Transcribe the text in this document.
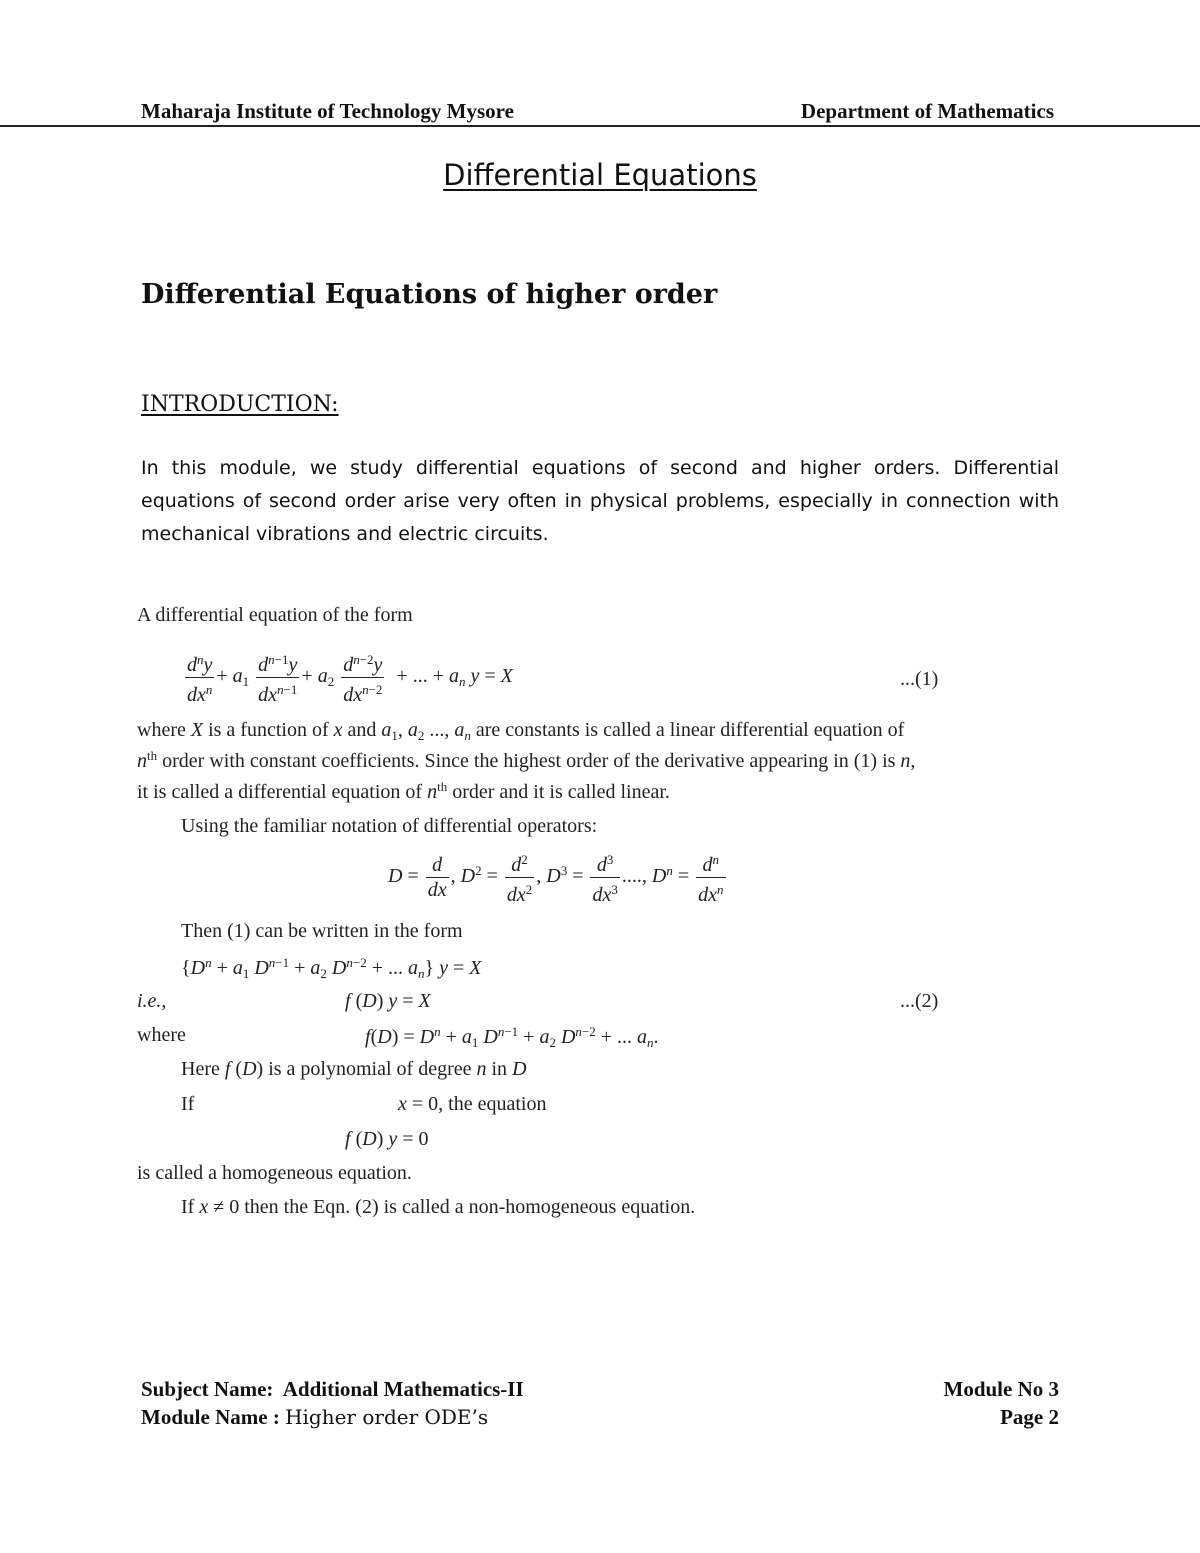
Maharaja Institute of Technology Mysore	Department of Mathematics
Differential Equations
Differential Equations of higher order
INTRODUCTION:
In this module, we study differential equations of second and higher orders. Differential equations of second order arise very often in physical problems, especially in connection with mechanical vibrations and electric circuits.
A differential equation of the form
$\frac{d^ny}{dx^n} + a_1 \frac{d^{n-1}y}{dx^{n-1}} + a_2 \frac{d^{n-2}y}{dx^{n-2}}$ + ... + $a_n$ y = X	...(1)
where X is a function of x and $a_1$, $a_2$ ..., $a_n$ are constants is called a linear differential equation of
$n^{th}$ order with constant coefficients. Since the highest order of the derivative appearing in (1) is n,
it is called a differential equation of $n^{th}$ order and it is called linear.
Using the familiar notation of differential operators:
$D = \frac{d}{dx}$ , $D^2 = \frac{d^2}{dx^2}$ , $D^3 = \frac{d^3}{dx^3}$ ...., $D^n = \frac{d^n}{dx^n}$
Then (1) can be written in the form
{$D^n + a_1$ $D^{n-1} + a_2$ $D^{n-2}$ + ... $a_n$} y = X
i.e.,	f (D) y = X	...(2)
where	$f(D) = D^n + a_1$ $D^{n-1} + a_2$ $D^{n-2}$ + ... $a_n$.
Here f (D) is a polynomial of degree n in D
If	x = 0, the equation
f (D) y = 0
is called a homogeneous equation.
If x ≠ 0 then the Eqn. (2) is called a non-homogeneous equation.
Subject Name: Additional Mathematics-II
Module Name : Higher order ODE’s
Module No 3
Page 2
